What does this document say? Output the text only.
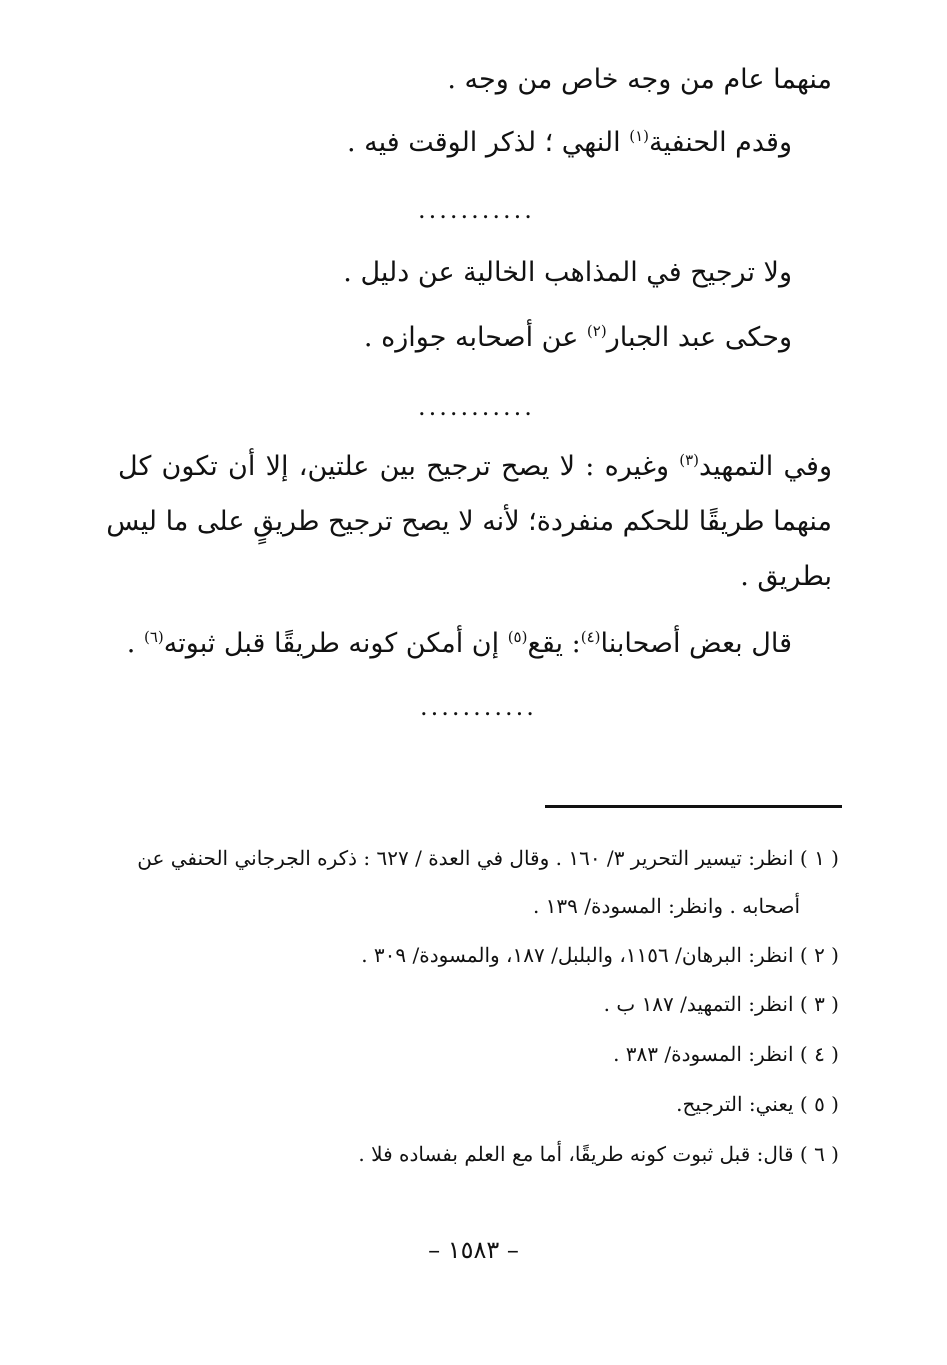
منهما عام من وجه خاص من وجه .
وقدم الحنفية$^{(١)}$ النهي ؛ لذكر الوقت فيه .
...........
ولا ترجيح في المذاهب الخالية عن دليل .
وحكى عبد الجبار$^{(٢)}$ عن أصحابه جوازه .
...........
وفي التمهيد$^{(٣)}$ وغيره : لا يصح ترجيح بين علتين، إلا أن تكون كل
منهما طريقًا للحكم منفردة؛ لأنه لا يصح ترجيح طريقٍ على ما ليس
بطريق .
قال بعض أصحابنا$^{(٤)}$: يقع$^{(٥)}$ إن أمكن كونه طريقًا قبل ثبوته$^{(٦)}$ .
...........
( ١ ) انظر: تيسير التحرير ٣/ ١٦٠ . وقال في العدة / ٦٢٧ : ذكره الجرجاني الحنفي عن
أصحابه . وانظر: المسودة/ ١٣٩ .
( ٢ ) انظر: البرهان/ ١١٥٦، والبلبل/ ١٨٧، والمسودة/ ٣٠٩ .
( ٣ ) انظر: التمهيد/ ١٨٧ ب .
( ٤ ) انظر: المسودة/ ٣٨٣ .
( ٥ ) يعني: الترجيح.
( ٦ ) قال: قبل ثبوت كونه طريقًا، أما مع العلم بفساده فلا .
– ١٥٨٣ –
